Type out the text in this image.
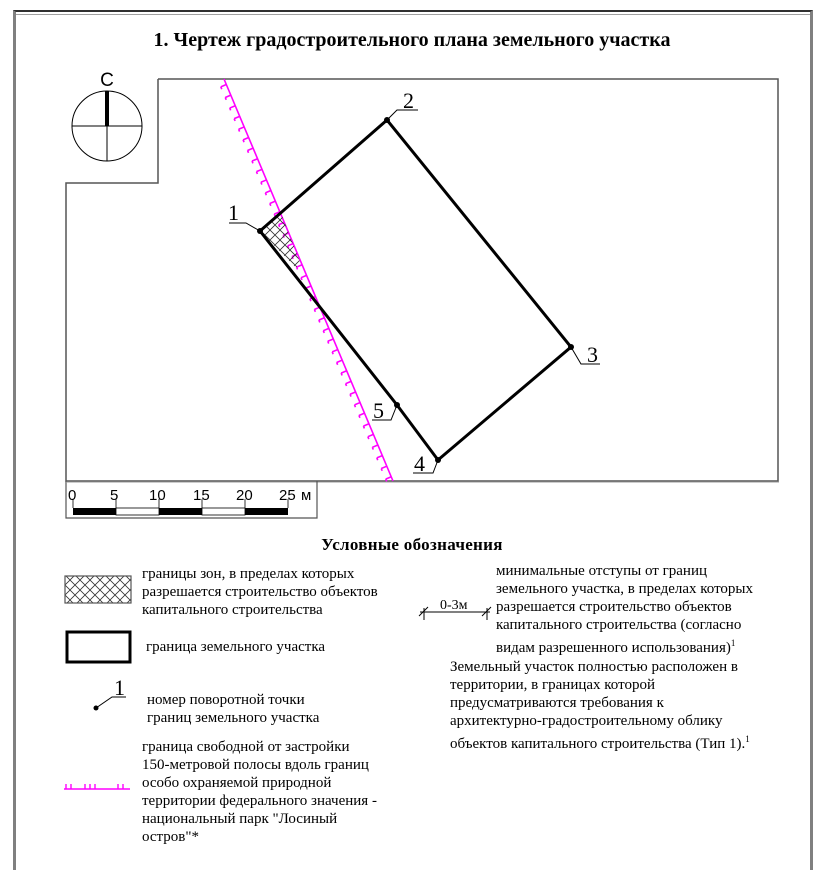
1. Чертеж градостроительного плана земельного участка
С
1
2
3
4
5
0 5 10 15 20 25 м
1
0-3м
Условные обозначения
границы зон, в пределах которых
разрешается строительство объектов
капитального строительства
граница земельного участка
номер поворотной точки
границ земельного участка
граница свободной от застройки
150-метровой полосы вдоль границ
особо охраняемой природной
территории федерального значения -
национальный парк "Лосиный
остров"*
минимальные отступы от границ
земельного участка, в пределах которых
разрешается строительство объектов
капитального строительства (согласно
видам разрешенного использования)$^1$
Земельный участок полностью расположен в
территории, в границах которой
предусматриваются требования к
архитектурно-градостроительному облику
объектов капитального строительства (Тип 1).$^1$
